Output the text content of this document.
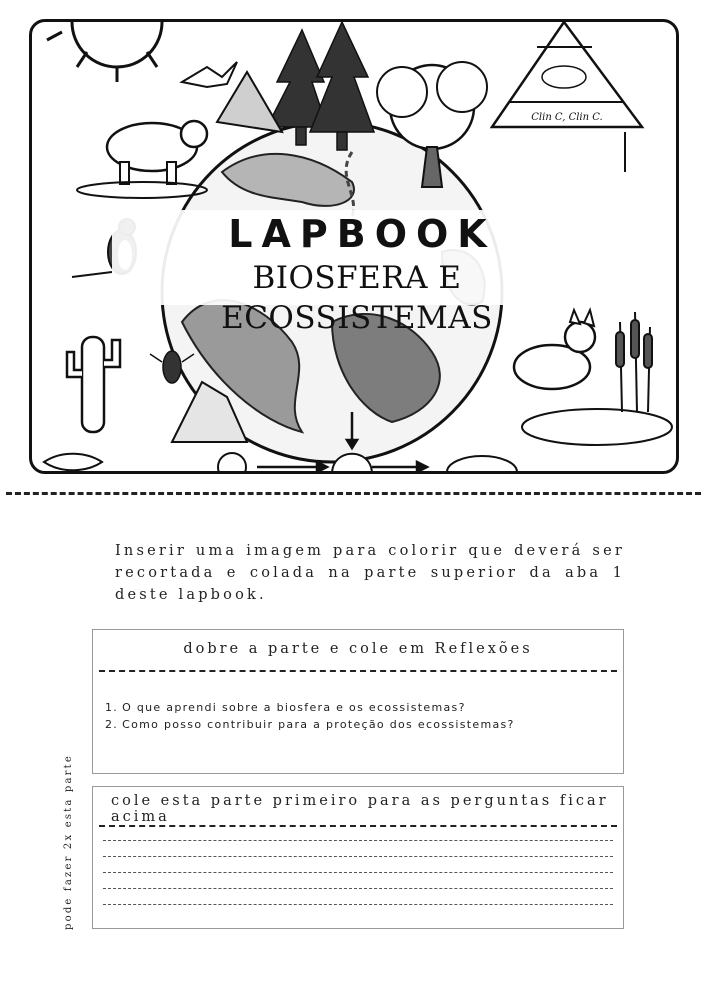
Clin C, Clin C.
LAPBOOK
BIOSFERA E ECOSSISTEMAS

Inserir uma imagem para colorir que deverá ser recortada e colada na parte superior da aba 1 deste lapbook.

dobre a parte e cole em Reflexões
1. O que aprendi sobre a biosfera e os ecossistemas?
2. Como posso contribuir para a proteção dos ecossistemas?
cole esta parte primeiro para as perguntas ficar acima
pode fazer 2x esta parte
